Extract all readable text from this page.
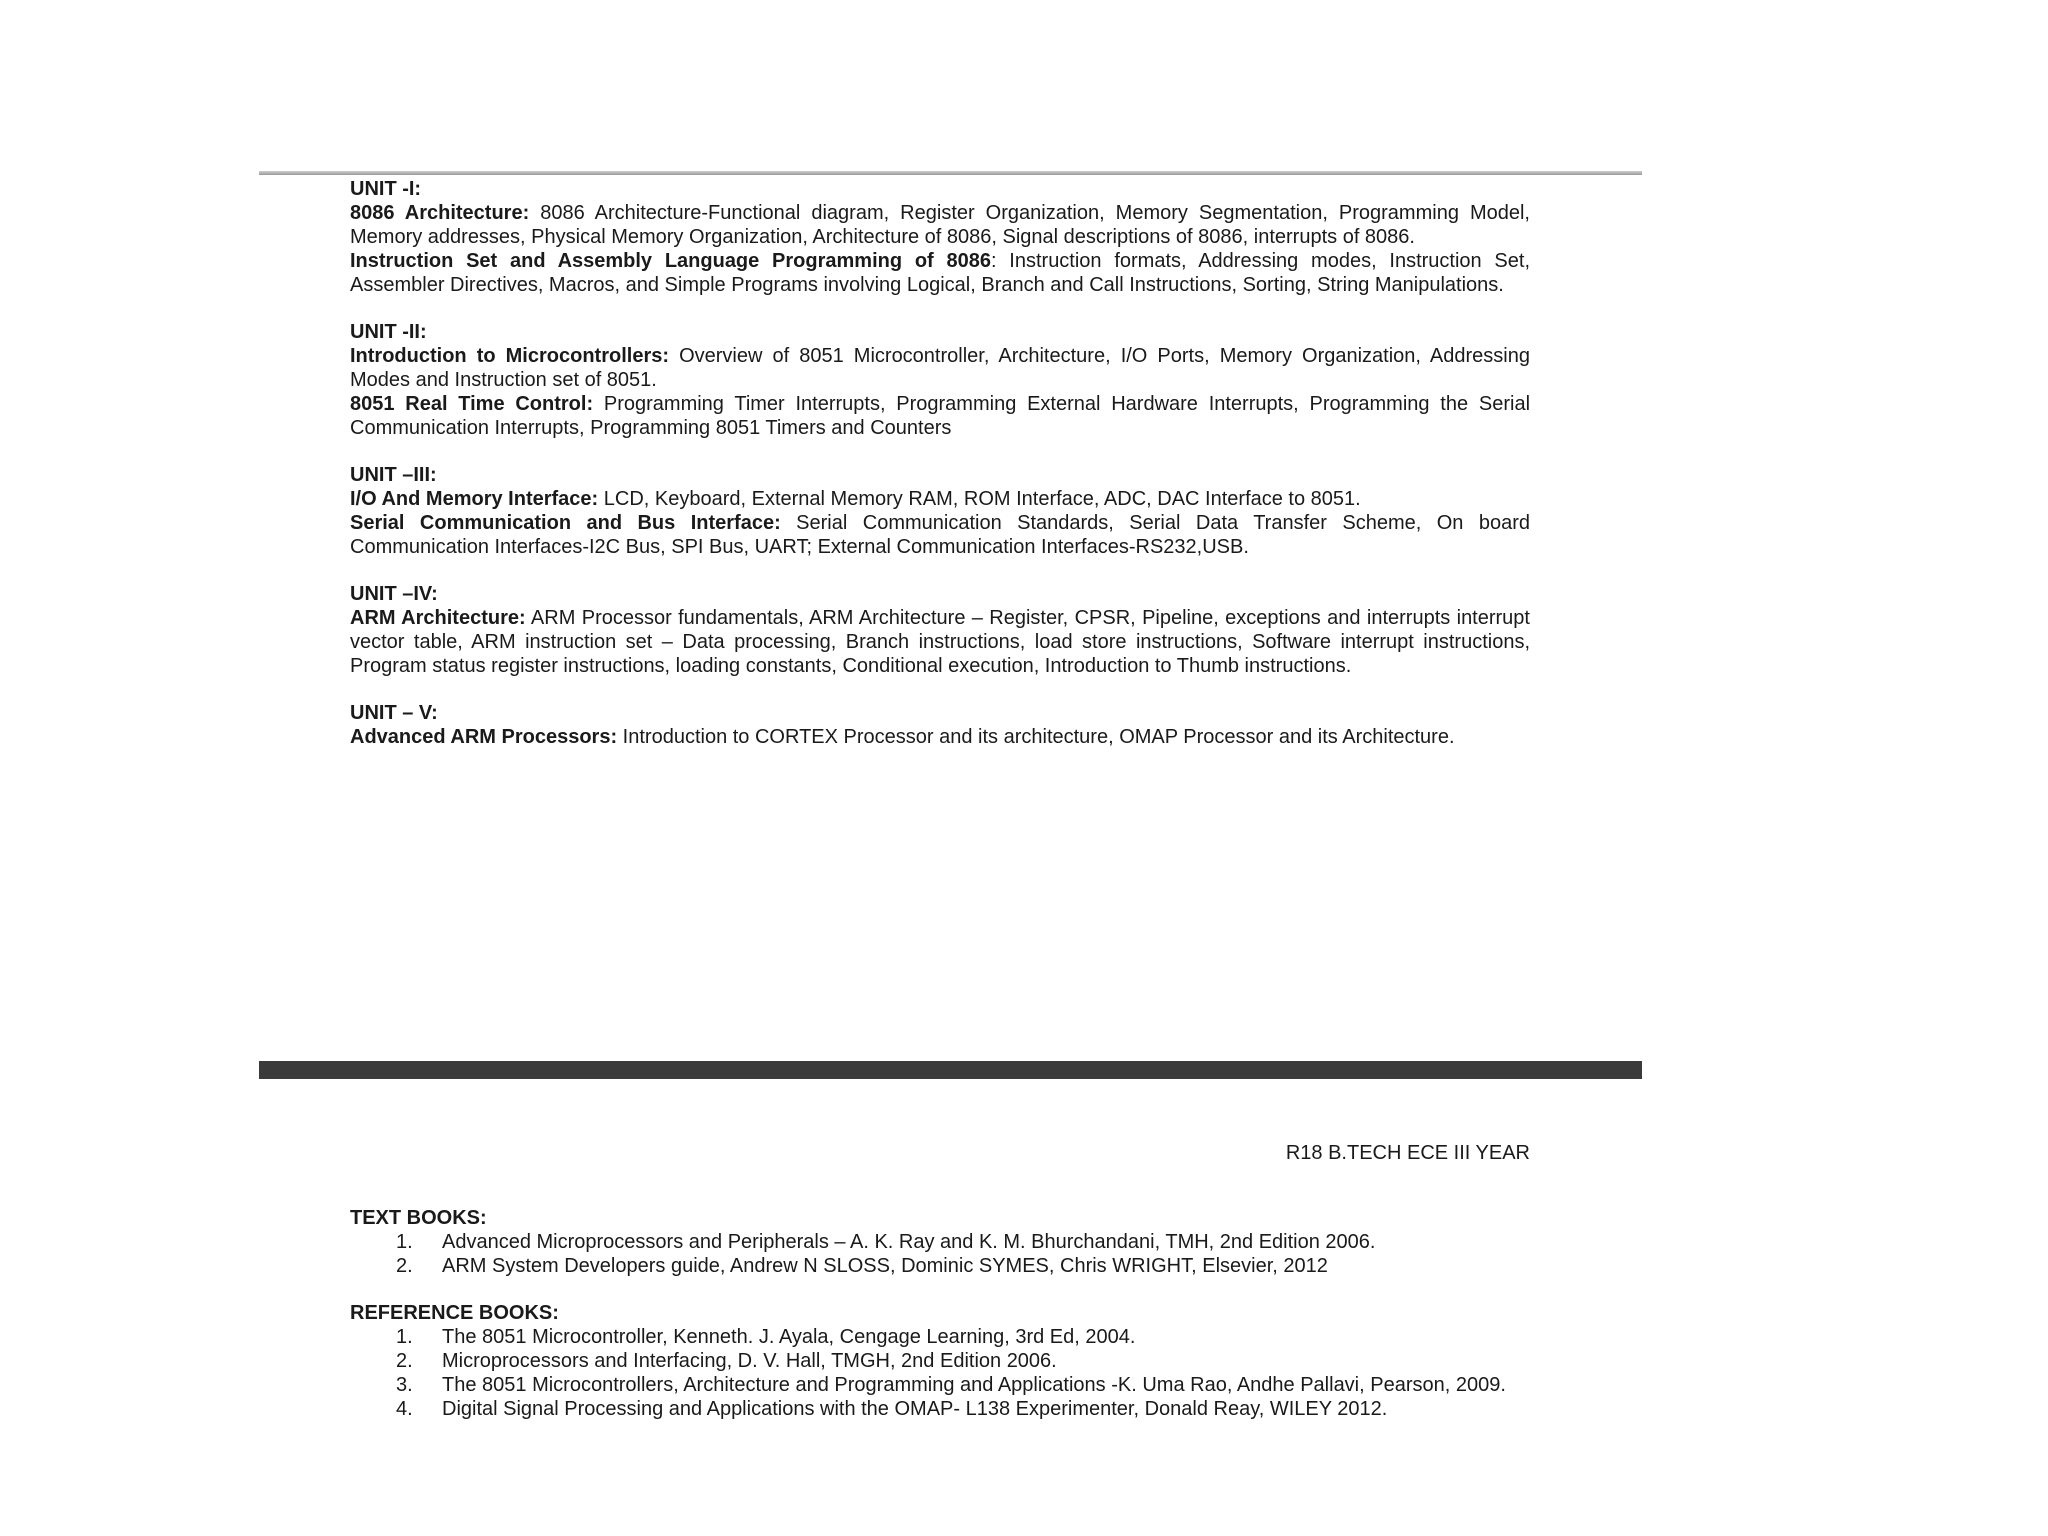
UNIT -I:
8086 Architecture: 8086 Architecture-Functional diagram, Register Organization, Memory Segmentation, Programming Model, Memory addresses, Physical Memory Organization, Architecture of 8086, Signal descriptions of 8086, interrupts of 8086.
Instruction Set and Assembly Language Programming of 8086: Instruction formats, Addressing modes, Instruction Set, Assembler Directives, Macros, and Simple Programs involving Logical, Branch and Call Instructions, Sorting, String Manipulations.
UNIT -II:
Introduction to Microcontrollers: Overview of 8051 Microcontroller, Architecture, I/O Ports, Memory Organization, Addressing Modes and Instruction set of 8051.
8051 Real Time Control: Programming Timer Interrupts, Programming External Hardware Interrupts, Programming the Serial Communication Interrupts, Programming 8051 Timers and Counters
UNIT –III:
I/O And Memory Interface: LCD, Keyboard, External Memory RAM, ROM Interface, ADC, DAC Interface to 8051.
Serial Communication and Bus Interface: Serial Communication Standards, Serial Data Transfer Scheme, On board Communication Interfaces-I2C Bus, SPI Bus, UART; External Communication Interfaces-RS232,USB.
UNIT –IV:
ARM Architecture: ARM Processor fundamentals, ARM Architecture – Register, CPSR, Pipeline, exceptions and interrupts interrupt vector table, ARM instruction set – Data processing, Branch instructions, load store instructions, Software interrupt instructions, Program status register instructions, loading constants, Conditional execution, Introduction to Thumb instructions.
UNIT – V:
Advanced ARM Processors: Introduction to CORTEX Processor and its architecture, OMAP Processor and its Architecture.
R18 B.TECH ECE III YEAR
TEXT BOOKS:
1. Advanced Microprocessors and Peripherals – A. K. Ray and K. M. Bhurchandani, TMH, 2nd Edition 2006.
2. ARM System Developers guide, Andrew N SLOSS, Dominic SYMES, Chris WRIGHT, Elsevier, 2012
REFERENCE BOOKS:
1. The 8051 Microcontroller, Kenneth. J. Ayala, Cengage Learning, 3rd Ed, 2004.
2. Microprocessors and Interfacing, D. V. Hall, TMGH, 2nd Edition 2006.
3. The 8051 Microcontrollers, Architecture and Programming and Applications -K. Uma Rao, Andhe Pallavi, Pearson, 2009.
4. Digital Signal Processing and Applications with the OMAP- L138 Experimenter, Donald Reay, WILEY 2012.
